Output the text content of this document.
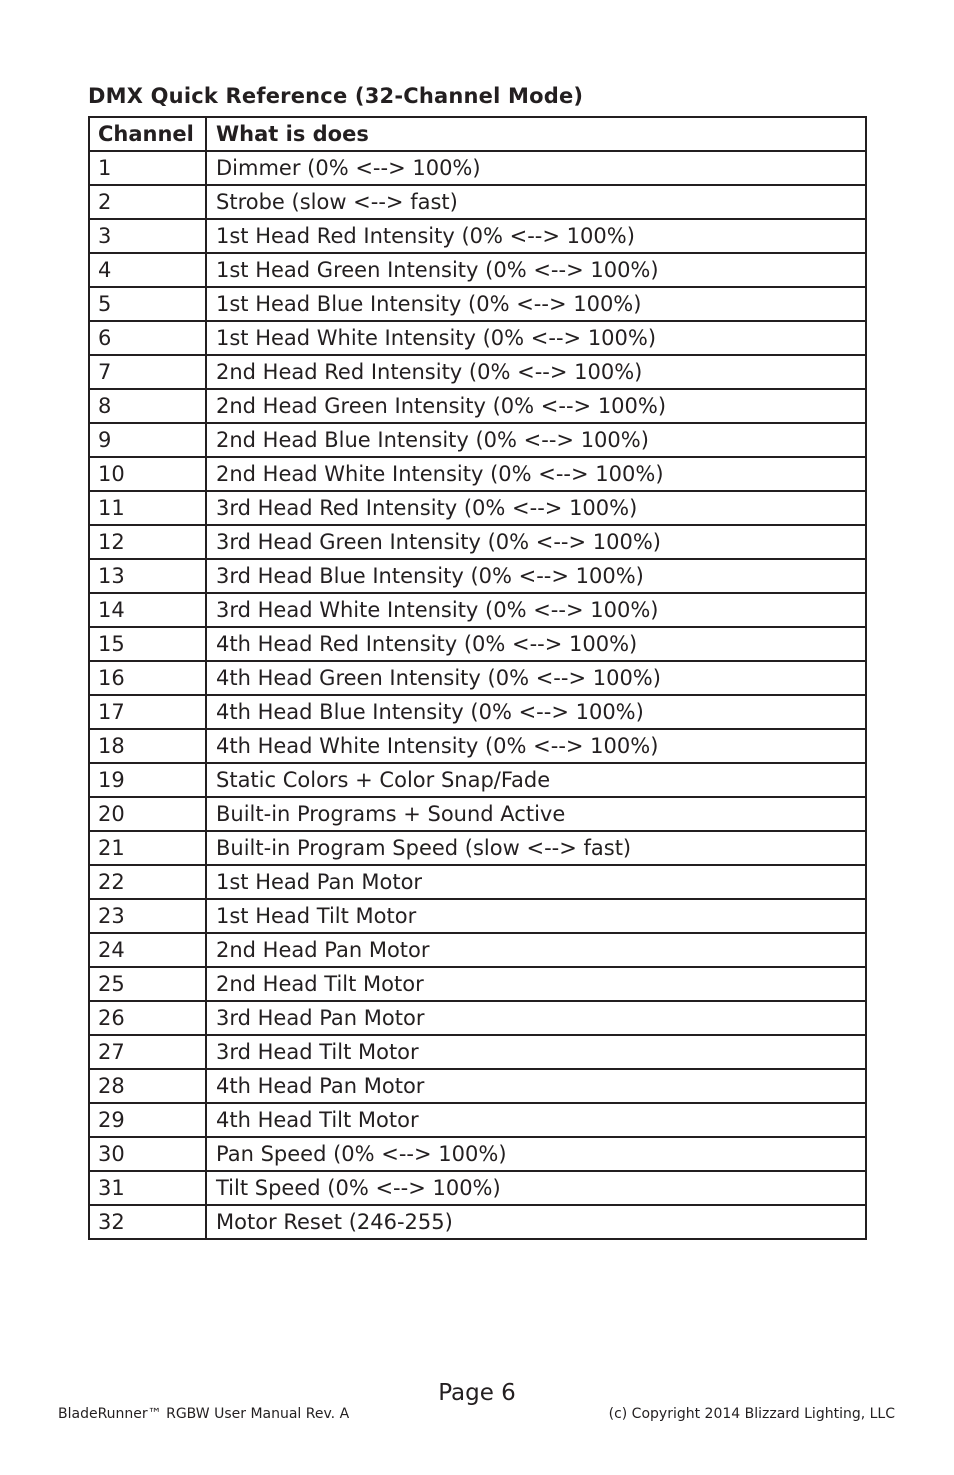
DMX Quick Reference (32-Channel Mode)
Channel	What is does
1	Dimmer (0% <--> 100%)
2	Strobe (slow <--> fast)
3	1st Head Red Intensity (0% <--> 100%)
4	1st Head Green Intensity (0% <--> 100%)
5	1st Head Blue Intensity (0% <--> 100%)
6	1st Head White Intensity (0% <--> 100%)
7	2nd Head Red Intensity (0% <--> 100%)
8	2nd Head Green Intensity (0% <--> 100%)
9	2nd Head Blue Intensity (0% <--> 100%)
10	2nd Head White Intensity (0% <--> 100%)
11	3rd Head Red Intensity (0% <--> 100%)
12	3rd Head Green Intensity (0% <--> 100%)
13	3rd Head Blue Intensity (0% <--> 100%)
14	3rd Head White Intensity (0% <--> 100%)
15	4th Head Red Intensity (0% <--> 100%)
16	4th Head Green Intensity (0% <--> 100%)
17	4th Head Blue Intensity (0% <--> 100%)
18	4th Head White Intensity (0% <--> 100%)
19	Static Colors + Color Snap/Fade
20	Built-in Programs + Sound Active
21	Built-in Program Speed (slow <--> fast)
22	1st Head Pan Motor
23	1st Head Tilt Motor
24	2nd Head Pan Motor
25	2nd Head Tilt Motor
26	3rd Head Pan Motor
27	3rd Head Tilt Motor
28	4th Head Pan Motor
29	4th Head Tilt Motor
30	Pan Speed (0% <--> 100%)
31	Tilt Speed (0% <--> 100%)
32	Motor Reset (246-255)
Page 6
BladeRunner™ RGBW User Manual Rev. A	(c) Copyright 2014 Blizzard Lighting, LLC
